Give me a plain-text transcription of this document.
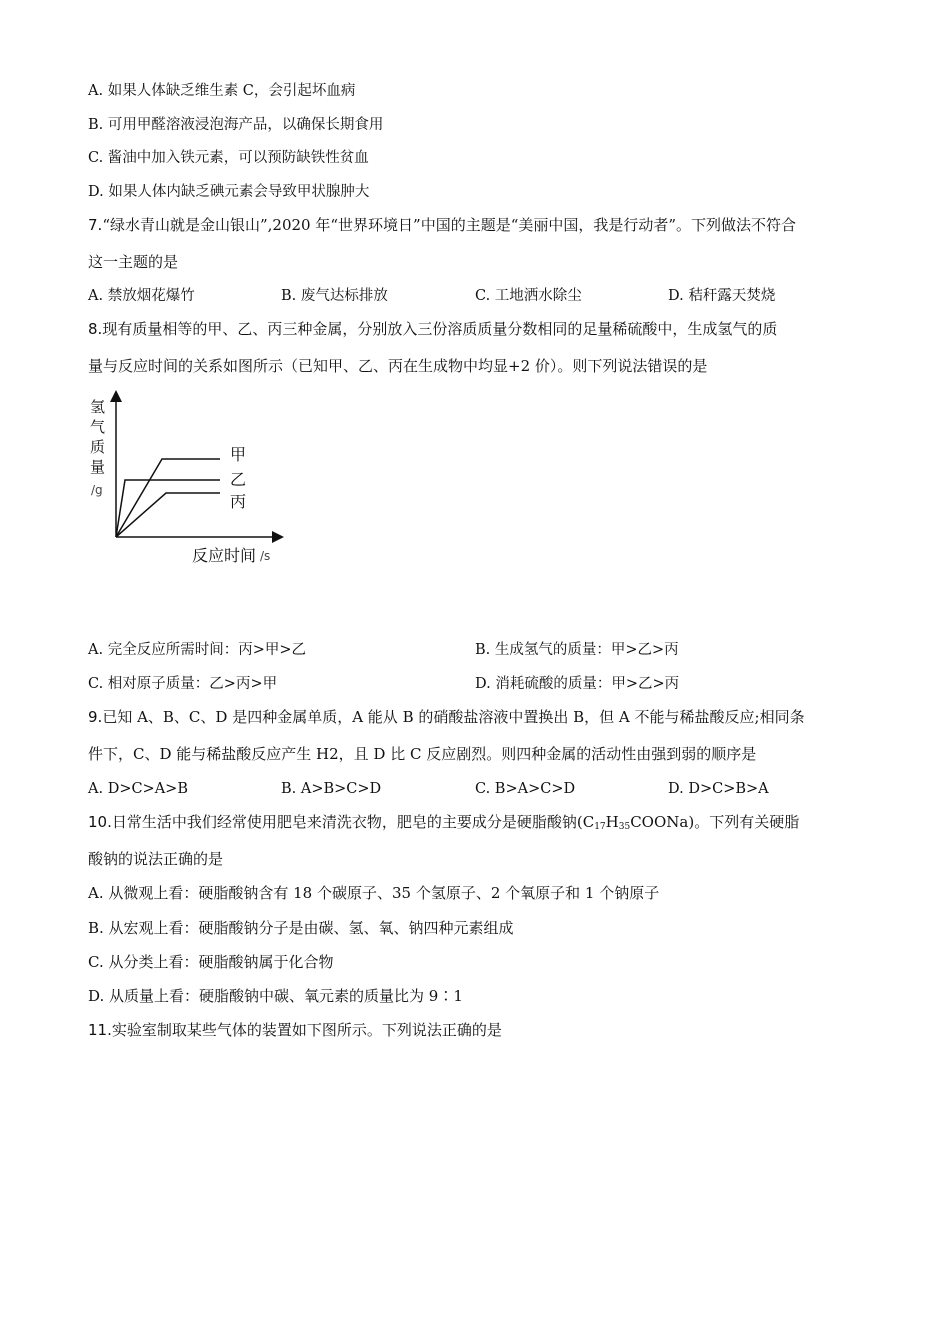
A. 如果人体缺乏维生素 C，会引起坏血病
B. 可用甲醛溶液浸泡海产品，以确保长期食用
C. 酱油中加入铁元素，可以预防缺铁性贫血
D. 如果人体内缺乏碘元素会导致甲状腺肿大
7.“绿水青山就是金山银山”,2020 年“世界环境日”中国的主题是“美丽中国，我是行动者”。下列做法不符合
这一主题的是
A. 禁放烟花爆竹	B. 废气达标排放	C. 工地洒水除尘	D. 秸秆露天焚烧
8.现有质量相等的甲、乙、丙三种金属，分别放入三份溶质质量分数相同的足量稀硫酸中，生成氢气的质
量与反应时间的关系如图所示（已知甲、乙、丙在生成物中均显+2 价）。则下列说法错误的是
氢
气
质
量
/g
甲
乙
丙
反应时间 /s
A. 完全反应所需时间：丙>甲>乙	B. 生成氢气的质量：甲>乙>丙
C. 相对原子质量：乙>丙>甲	D. 消耗硫酸的质量：甲>乙>丙
9.已知 A、B、C、D 是四种金属单质，A 能从 B 的硝酸盐溶液中置换出 B，但 A 不能与稀盐酸反应;相同条
件下，C、D 能与稀盐酸反应产生 H2，且 D 比 C 反应剧烈。则四种金属的活动性由强到弱的顺序是
A. D>C>A>B	B. A>B>C>D	C. B>A>C>D	D. D>C>B>A
10.日常生活中我们经常使用肥皂来清洗衣物，肥皂的主要成分是硬脂酸钠$(C_{17}H_{35}COONa)$。下列有关硬脂
酸钠的说法正确的是
A. 从微观上看：硬脂酸钠含有 18 个碳原子、35 个氢原子、2 个氧原子和 1 个钠原子
B. 从宏观上看：硬脂酸钠分子是由碳、氢、氧、钠四种元素组成
C. 从分类上看：硬脂酸钠属于化合物
D. 从质量上看：硬脂酸钠中碳、氧元素的质量比为 9∶1
11.实验室制取某些气体的装置如下图所示。下列说法正确的是
